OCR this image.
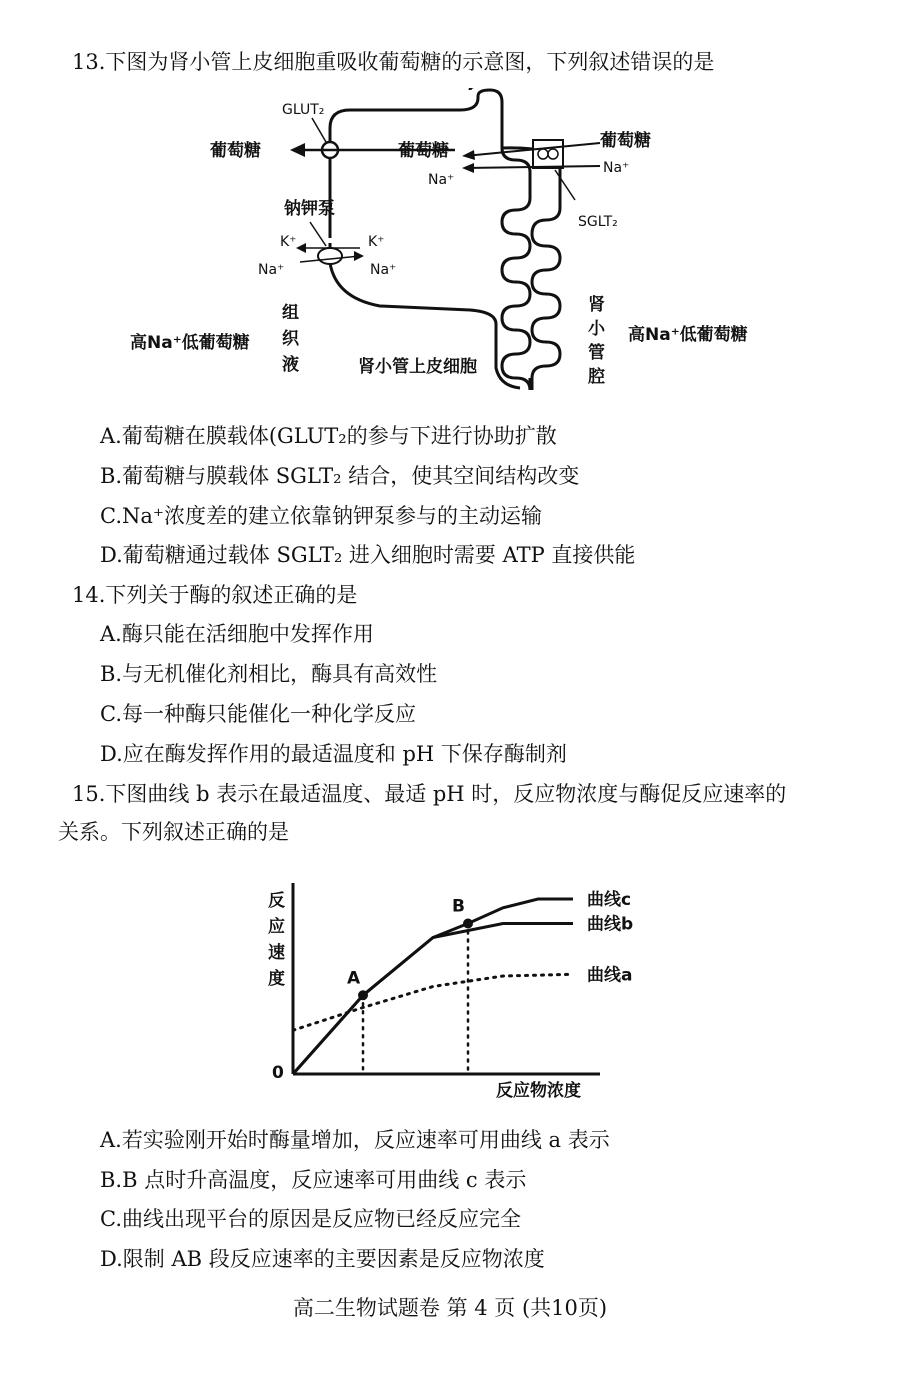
13.下图为肾小管上皮细胞重吸收葡萄糖的示意图，下列叙述错误的是
GLUT₂
葡萄糖	葡萄糖	葡萄糖
Na⁺
Na⁺
SGLT₂
钠钾泵
K⁺	K⁺
Na⁺	Na⁺
组
织
液
高Na⁺低葡萄糖
肾小管上皮细胞
肾
小
管
腔
高Na⁺低葡萄糖
A.葡萄糖在膜载体(GLUT₂的参与下进行协助扩散
B.葡萄糖与膜载体 SGLT₂ 结合，使其空间结构改变
C.Na⁺浓度差的建立依靠钠钾泵参与的主动运输
D.葡萄糖通过载体 SGLT₂ 进入细胞时需要 ATP 直接供能
14.下列关于酶的叙述正确的是
A.酶只能在活细胞中发挥作用
B.与无机催化剂相比，酶具有高效性
C.每一种酶只能催化一种化学反应
D.应在酶发挥作用的最适温度和 pH 下保存酶制剂
15.下图曲线 b 表示在最适温度、最适 pH 时，反应物浓度与酶促反应速率的
关系。下列叙述正确的是
反
应
速
度
0
反应物浓度
曲线c
曲线b
曲线a
A
B
A.若实验刚开始时酶量增加，反应速率可用曲线 a 表示
B.B 点时升高温度，反应速率可用曲线 c 表示
C.曲线出现平台的原因是反应物已经反应完全
D.限制 AB 段反应速率的主要因素是反应物浓度
高二生物试题卷 第 4 页 (共10页)
